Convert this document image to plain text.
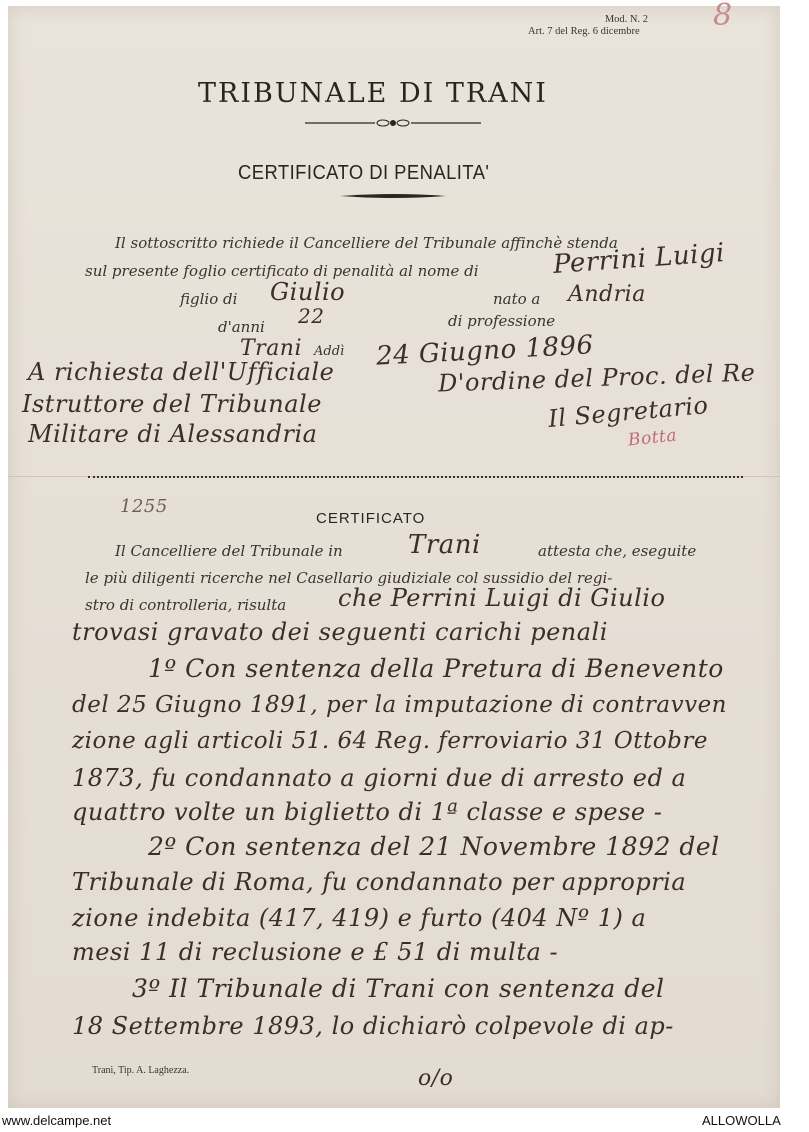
Mod. N. 2
Art. 7 del Reg. 6 dicembre	8
TRIBUNALE DI TRANI
CERTIFICATO DI PENALITA'
Il sottoscritto richiede il Cancelliere del Tribunale affinchè stenda
sul presente foglio certificato di penalità al nome di	Perrini Luigi
figlio di Giulio	nato a Andria
d'anni 22	di professione
Trani Addì 24 Giugno 1896
A richiesta dell'Ufficiale
Istruttore del Tribunale
Militare di Alessandria
D'ordine del Proc. del Re
Il Segretario
Botta
1255
CERTIFICATO
Il Cancelliere del Tribunale in	Trani	attesta che, eseguite
le più diligenti ricerche nel Casellario giudiziale col sussidio del regi-
stro di controlleria, risulta che Perrini Luigi di Giulio
trovasi gravato dei seguenti carichi penali
1º Con sentenza della Pretura di Benevento
del 25 Giugno 1891, per la imputazione di contravven
zione agli articoli 51. 64 Reg. ferroviario 31 Ottobre
1873, fu condannato a giorni due di arresto ed a
quattro volte un biglietto di 1ª classe e spese -
2º Con sentenza del 21 Novembre 1892 del
Tribunale di Roma, fu condannato per appropria
zione indebita (417, 419) e furto (404 Nº 1) a
mesi 11 di reclusione e £ 51 di multa -
3º Il Tribunale di Trani con sentenza del
18 Settembre 1893, lo dichiarò colpevole di ap-
Trani, Tip. A. Laghezza.	o/o
www.delcampe.net	ALLOWOLLA
